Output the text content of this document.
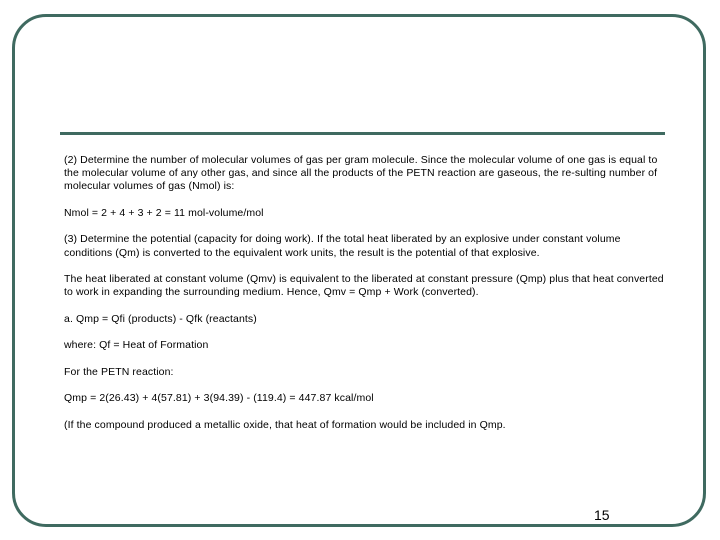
(2) Determine the number of molecular volumes of gas per gram molecule. Since the molecular volume of one gas is equal to the molecular volume of any other gas, and since all the products of the PETN reaction are gaseous, the re-sulting number of molecular volumes of gas (Nmol) is:

Nmol = 2 + 4 + 3 + 2 = 11 mol-volume/mol

(3) Determine the potential (capacity for doing work). If the total heat liberated by an explosive under constant volume conditions (Qm) is converted to the equivalent work units, the result is the potential of that explosive.

The heat liberated at constant volume (Qmv) is equivalent to the liberated at constant pressure (Qmp) plus that heat converted to work in expanding the surrounding medium. Hence, Qmv = Qmp + Work (converted).

a. Qmp = Qfi (products) - Qfk (reactants)

where: Qf = Heat of Formation

For the PETN reaction:

Qmp = 2(26.43) + 4(57.81) + 3(94.39) - (119.4) = 447.87 kcal/mol

(If the compound produced a metallic oxide, that heat of formation would be included in Qmp.

15
